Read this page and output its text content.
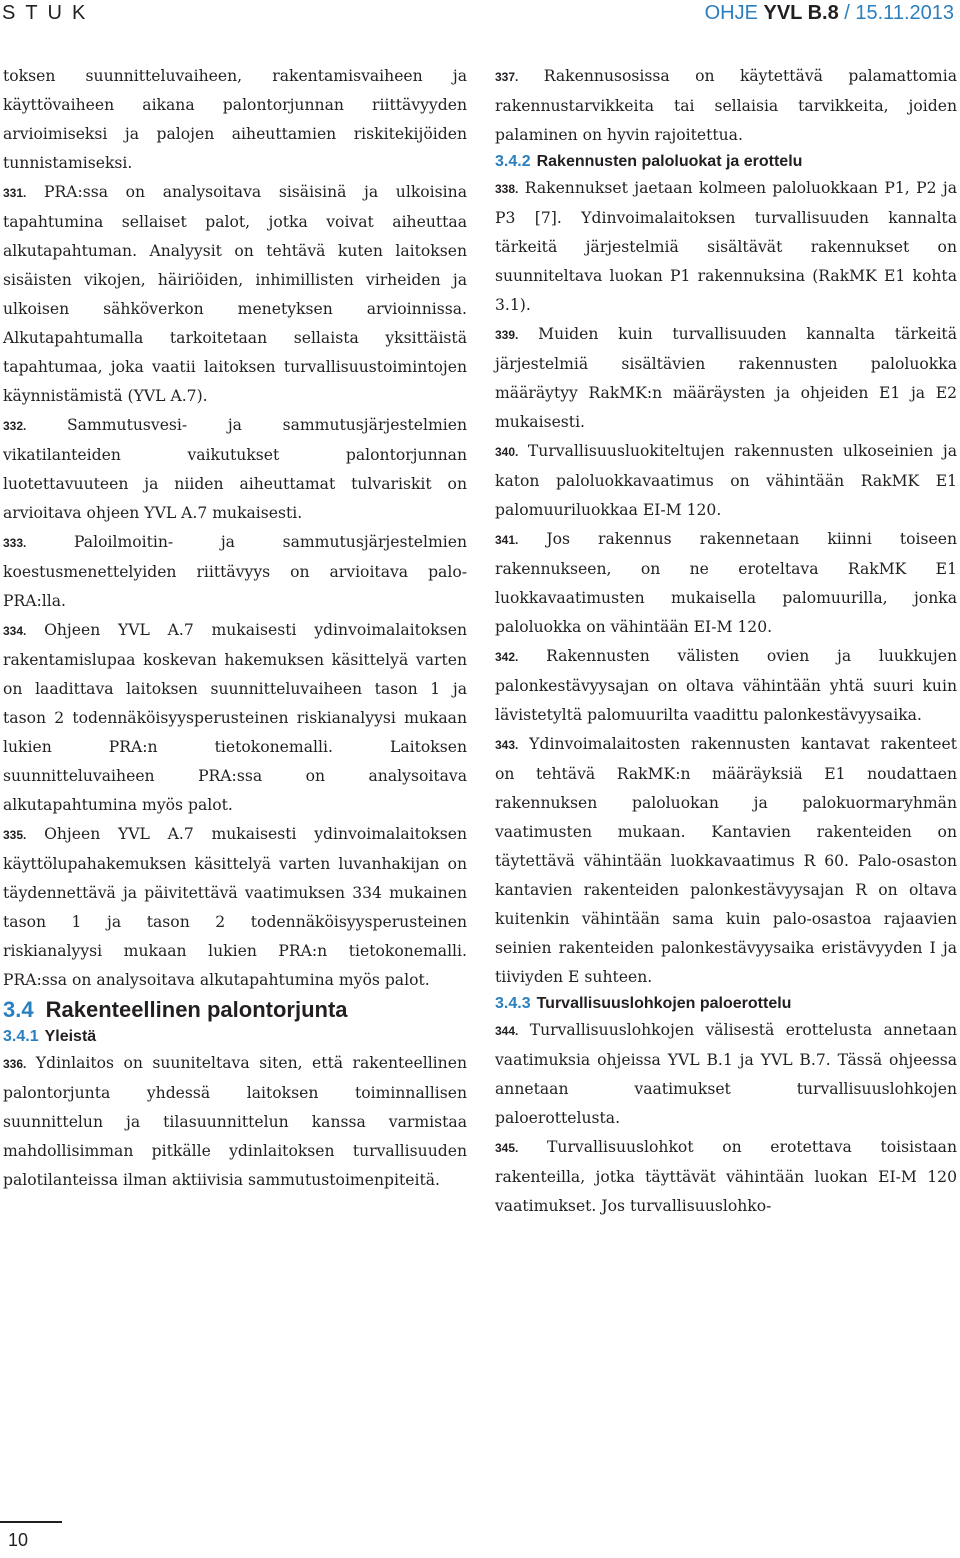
STUK	OHJE YVL B.8 / 15.11.2013

toksen suunnitteluvaiheen, rakentamisvaiheen ja käyttövaiheen aikana palontorjunnan riittävyyden arvioimiseksi ja palojen aiheuttamien riskitekijöiden tunnistamiseksi.

331. PRA:ssa on analysoitava sisäisinä ja ulkoisina tapahtumina sellaiset palot, jotka voivat aiheuttaa alkutapahtuman. Analyysit on tehtävä kuten laitoksen sisäisten vikojen, häiriöiden, inhimillisten virheiden ja ulkoisen sähköverkon menetyksen arvioinnissa. Alkutapahtumalla tarkoitetaan sellaista yksittäistä tapahtumaa, joka vaatii laitoksen turvallisuustoimintojen käynnistämistä (YVL A.7).

332. Sammutusvesi- ja sammutusjärjestelmien vikatilanteiden vaikutukset palontorjunnan luotettavuuteen ja niiden aiheuttamat tulvariskit on arvioitava ohjeen YVL A.7 mukaisesti.

333. Paloilmoitin- ja sammutusjärjestelmien koestusmenettelyiden riittävyys on arvioitava palo-PRA:lla.

334. Ohjeen YVL A.7 mukaisesti ydinvoimalaitoksen rakentamislupaa koskevan hakemuksen käsittelyä varten on laadittava laitoksen suunnitteluvaiheen tason 1 ja tason 2 todennäköisyysperusteinen riskianalyysi mukaan lukien PRA:n tietokonemalli. Laitoksen suunnitteluvaiheen PRA:ssa on analysoitava alkutapahtumina myös palot.

335. Ohjeen YVL A.7 mukaisesti ydinvoimalaitoksen käyttölupahakemuksen käsittelyä varten luvanhakijan on täydennettävä ja päivitettävä vaatimuksen 334 mukainen tason 1 ja tason 2 todennäköisyysperusteinen riskianalyysi mukaan lukien PRA:n tietokonemalli. PRA:ssa on analysoitava alkutapahtumina myös palot.

3.4 Rakenteellinen palontorjunta

3.4.1 Yleistä

336. Ydinlaitos on suuniteltava siten, että rakenteellinen palontorjunta yhdessä laitoksen toiminnallisen suunnittelun ja tilasuunnittelun kanssa varmistaa mahdollisimman pitkälle ydinlaitoksen turvallisuuden palotilanteissa ilman aktiivisia sammutustoimenpiteitä.

337. Rakennusosissa on käytettävä palamattomia rakennustarvikkeita tai sellaisia tarvikkeita, joiden palaminen on hyvin rajoitettua.

3.4.2 Rakennusten paloluokat ja erottelu

338. Rakennukset jaetaan kolmeen paloluokkaan P1, P2 ja P3 [7]. Ydinvoimalaitoksen turvallisuuden kannalta tärkeitä järjestelmiä sisältävät rakennukset on suunniteltava luokan P1 rakennuksina (RakMK E1 kohta 3.1).

339. Muiden kuin turvallisuuden kannalta tärkeitä järjestelmiä sisältävien rakennusten paloluokka määräytyy RakMK:n määräysten ja ohjeiden E1 ja E2 mukaisesti.

340. Turvallisuusluokiteltujen rakennusten ulkoseinien ja katon paloluokkavaatimus on vähintään RakMK E1 palomuuriluokkaa EI-M 120.

341. Jos rakennus rakennetaan kiinni toiseen rakennukseen, on ne eroteltava RakMK E1 luokkavaatimusten mukaisella palomuurilla, jonka paloluokka on vähintään EI-M 120.

342. Rakennusten välisten ovien ja luukkujen palonkestävyysajan on oltava vähintään yhtä suuri kuin lävistetyltä palomuurilta vaadittu palonkestävyysaika.

343. Ydinvoimalaitosten rakennusten kantavat rakenteet on tehtävä RakMK:n määräyksiä E1 noudattaen rakennuksen paloluokan ja palokuormaryhmän vaatimusten mukaan. Kantavien rakenteiden on täytettävä vähintään luokkavaatimus R 60. Palo-osaston kantavien rakenteiden palonkestävyysajan R on oltava kuitenkin vähintään sama kuin palo-osastoa rajaavien seinien rakenteiden palonkestävyysaika eristävyyden I ja tiiviyden E suhteen.

3.4.3 Turvallisuuslohkojen paloerottelu

344. Turvallisuuslohkojen välisestä erottelusta annetaan vaatimuksia ohjeissa YVL B.1 ja YVL B.7. Tässä ohjeessa annetaan vaatimukset turvallisuuslohkojen paloerottelusta.

345. Turvallisuuslohkot on erotettava toisistaan rakenteilla, jotka täyttävät vähintään luokan EI-M 120 vaatimukset. Jos turvallisuuslohko-

10
